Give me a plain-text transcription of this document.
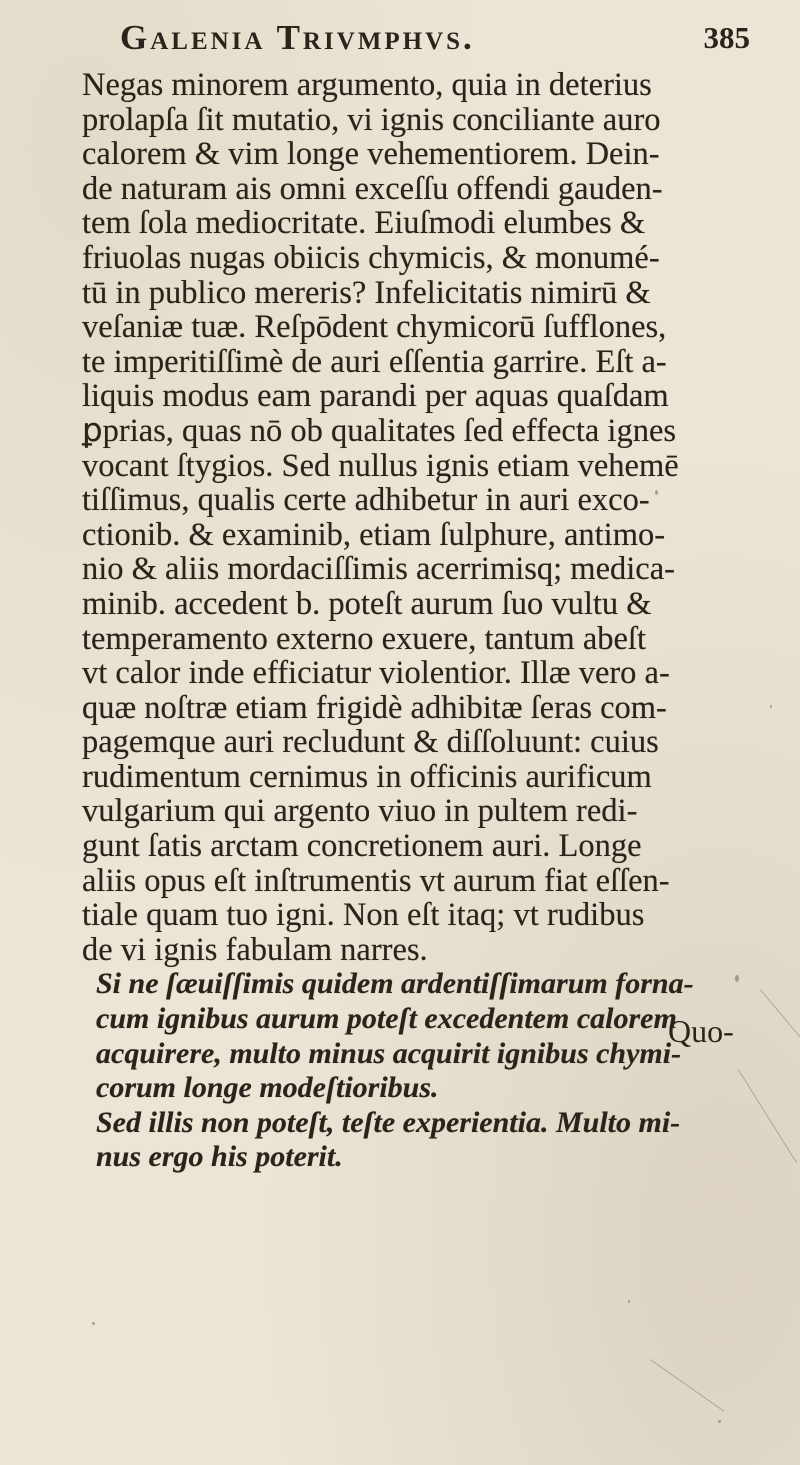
Galenia Trivmphvs.	385
Negas minorem argumento, quia in deterius
prolapſa ſit mutatio, vi ignis conciliante auro
calorem & vim longe vehementiorem. Dein-
de naturam ais omni exceſſu offendi gauden-
tem ſola mediocritate. Eiuſmodi elumbes &
friuolas nugas obiicis chymicis, & monumé-
tū in publico mereris? Infelicitatis nimirū &
veſaniæ tuæ. Reſpōdent chymicorū ſufflones,
te imperitiſſimè de auri eſſentia garrire. Eſt a-
liquis modus eam parandi per aquas quaſdam
ꝑprias, quas nō ob qualitates ſed effecta ignes
vocant ſtygios. Sed nullus ignis etiam vehemē
tiſſimus, qualis certe adhibetur in auri exco-
ctionib. & examinib, etiam ſulphure, antimo-
nio & aliis mordaciſſimis acerrimisq; medica-
minib. accedent b. poteſt aurum ſuo vultu &
temperamento externo exuere, tantum abeſt
vt calor inde efficiatur violentior. Illæ vero a-
quæ noſtræ etiam frigidè adhibitæ ſeras com-
pagemque auri recludunt & diſſoluunt: cuius
rudimentum cernimus in officinis aurificum
vulgarium qui argento viuo in pultem redi-
gunt ſatis arctam concretionem auri. Longe
aliis opus eſt inſtrumentis vt aurum fiat eſſen-
tiale quam tuo igni. Non eſt itaq; vt rudibus
de vi ignis fabulam narres.
Si ne ſæuiſſimis quidem ardentiſſimarum forna-
cum ignibus aurum poteſt excedentem calorem
acquirere, multo minus acquirit ignibus chymi-
corum longe modeſtioribus.
Sed illis non poteſt, teſte experientia. Multo mi-
nus ergo his poterit.
Quo-
